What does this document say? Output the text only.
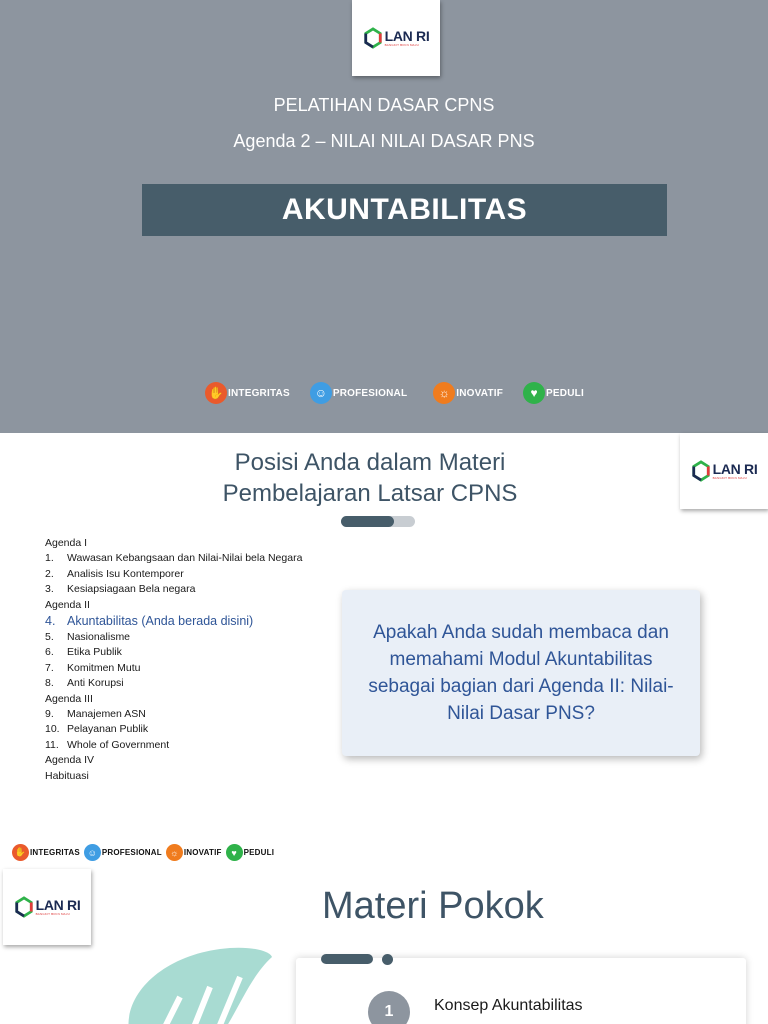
LAN RI
BANGKIT BIKIN MAJU
PELATIHAN DASAR CPNS
Agenda 2 – NILAI NILAI DASAR PNS
AKUNTABILITAS
✋ INTEGRITAS	☺ PROFESIONAL	☼ INOVATIF	♥ PEDULI
Posisi Anda dalam Materi
Pembelajaran Latsar CPNS
LAN RI
BANGKIT BIKIN MAJU
Agenda I
1.	Wawasan Kebangsaan dan Nilai-Nilai bela Negara
2.	Analisis Isu Kontemporer
3.	Kesiapsiagaan Bela negara
Agenda II
4. Akuntabilitas (Anda berada disini)
5.	Nasionalisme
6.	Etika Publik
7.	Komitmen Mutu
8.	Anti Korupsi
Agenda III
9.	Manajemen ASN
10. Pelayanan Publik
11. Whole of Government
Agenda IV
Habituasi
Apakah Anda sudah membaca dan memahami Modul Akuntabilitas sebagai bagian dari Agenda II: Nilai-Nilai Dasar PNS?
✋ INTEGRITAS ☺ PROFESIONAL ☼ INOVATIF	♥ PEDULI
LAN RI
BANGKIT BIKIN MAJU	Materi Pokok
1	Konsep Akuntabilitas
